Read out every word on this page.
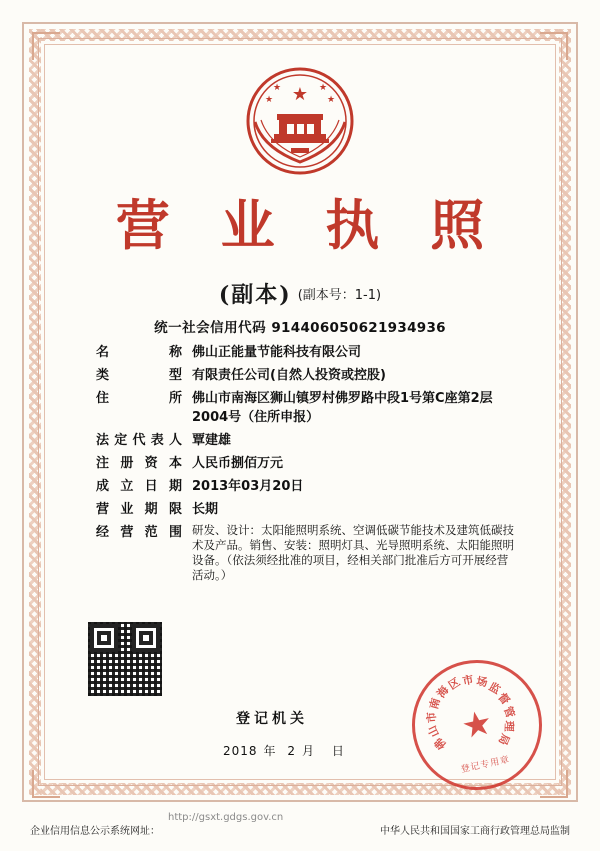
★
★
★
★
★
营 业 执 照
(副本) (副本号：1-1)
统一社会信用代码 914406050621934936
名称 佛山正能量节能科技有限公司
类型 有限责任公司(自然人投资或控股)
住所 佛山市南海区狮山镇罗村佛罗路中段1号第C座第2层2004号（住所申报）
法定代表人 覃建雄
注册资本 人民币捌佰万元
成立日期 2013年03月20日
营业期限 长期
经营范围 研发、设计：太阳能照明系统、空调低碳节能技术及建筑低碳技术及产品。销售、安装：照明灯具、光导照明系统、太阳能照明设备。（依法须经批准的项目，经相关部门批准后方可开展经营活动。）
登记机关
2018 年 2 月 日	佛
山
市
南
海
区
市 场
监
督
管
理
局
★
登记专用章
http://gsxt.gdgs.gov.cn
企业信用信息公示系统网址：	中华人民共和国国家工商行政管理总局监制
